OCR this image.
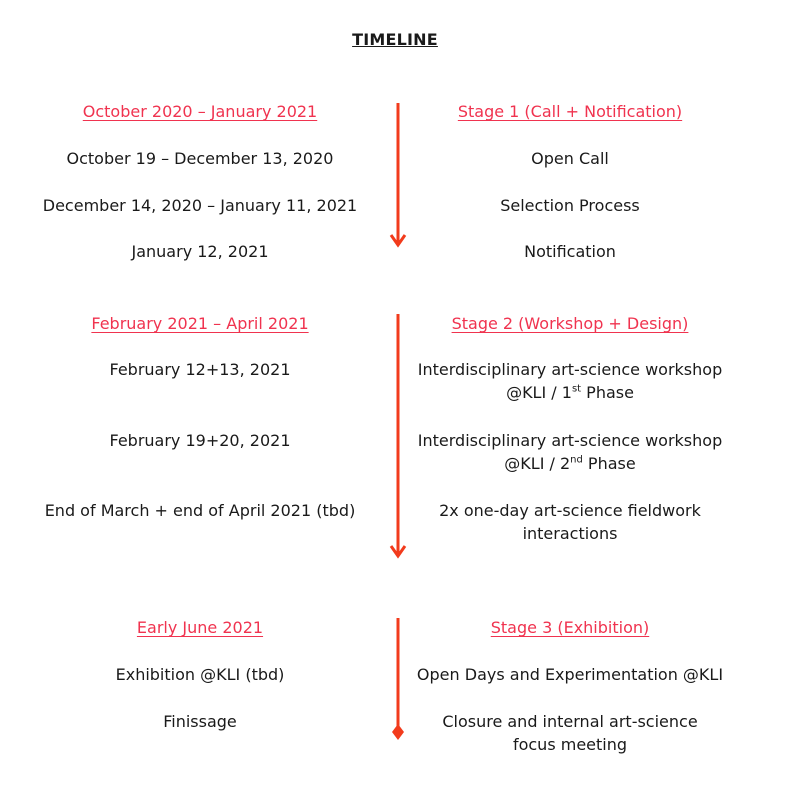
TIMELINE
October 2020 – January 2021	Stage 1 (Call + Notification)
October 19 – December 13, 2020	Open Call
December 14, 2020 – January 11, 2021	Selection Process
January 12, 2021	Notification
February 2021 – April 2021	Stage 2 (Workshop + Design)
February 12+13, 2021	Interdisciplinary art-science workshop
@KLI / 1st Phase
February 19+20, 2021	Interdisciplinary art-science workshop
@KLI / 2nd Phase
End of March + end of April 2021 (tbd)	2x one-day art-science fieldwork
interactions
Early June 2021	Stage 3 (Exhibition)
Exhibition @KLI (tbd)	Open Days and Experimentation @KLI
Finissage	Closure and internal art-science
focus meeting
